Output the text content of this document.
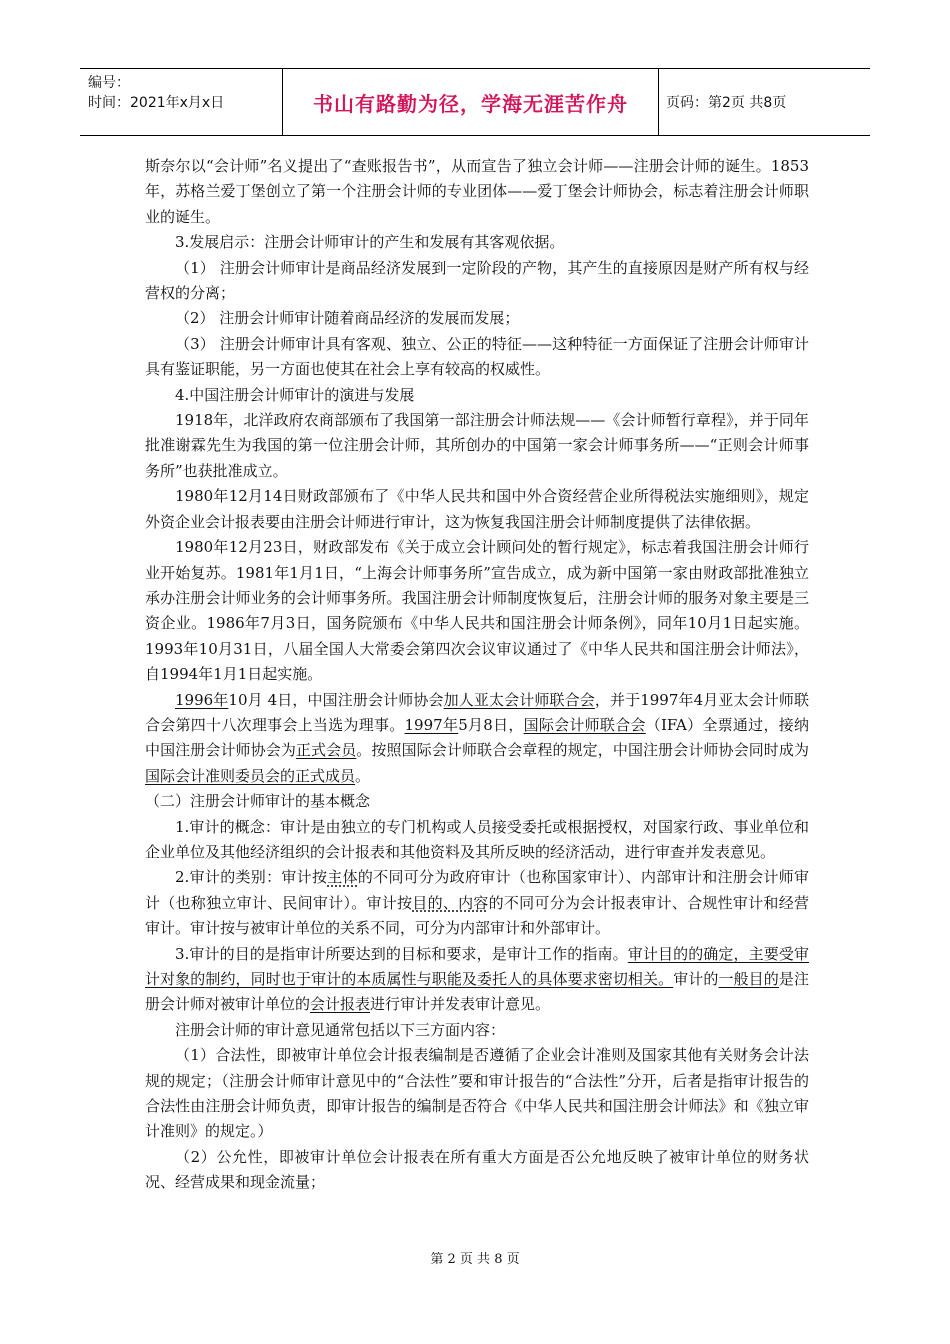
编号：
时间：2021年x月x日	书山有路勤为径，学海无涯苦作舟	页码：第2页 共8页

斯奈尔以“会计师”名义提出了“查账报告书”，从而宣告了独立会计师——注册会计师的诞生。1853年，苏格兰爱丁堡创立了第一个注册会计师的专业团体——爱丁堡会计师协会，标志着注册会计师职业的诞生。

3.发展启示：注册会计师审计的产生和发展有其客观依据。

（1） 注册会计师审计是商品经济发展到一定阶段的产物，其产生的直接原因是财产所有权与经营权的分离；

（2） 注册会计师审计随着商品经济的发展而发展；

（3） 注册会计师审计具有客观、独立、公正的特征——这种特征一方面保证了注册会计师审计具有鉴证职能，另一方面也使其在社会上享有较高的权威性。

4.中国注册会计师审计的演进与发展

1918年，北洋政府农商部颁布了我国第一部注册会计师法规——《会计师暂行章程》，并于同年批准谢霖先生为我国的第一位注册会计师，其所创办的中国第一家会计师事务所——“正则会计师事务所”也获批准成立。

1980年12月14日财政部颁布了《中华人民共和国中外合资经营企业所得税法实施细则》，规定外资企业会计报表要由注册会计师进行审计，这为恢复我国注册会计师制度提供了法律依据。

1980年12月23日，财政部发布《关于成立会计顾问处的暂行规定》，标志着我国注册会计师行业开始复苏。1981年1月1日，“上海会计师事务所”宣告成立，成为新中国第一家由财政部批准独立承办注册会计师业务的会计师事务所。我国注册会计师制度恢复后，注册会计师的服务对象主要是三资企业。1986年7月3日，国务院颁布《中华人民共和国注册会计师条例》，同年10月1日起实施。1993年10月31日，八届全国人大常委会第四次会议审议通过了《中华人民共和国注册会计师法》，自1994年1月1日起实施。

1996年10月 4日，中国注册会计师协会加人亚太会计师联合会，并于1997年4月亚太会计师联合会第四十八次理事会上当选为理事。1997年5月8日，国际会计师联合会（IFA）全票通过，接纳中国注册会计师协会为正式会员。按照国际会计师联合会章程的规定，中国注册会计师协会同时成为国际会计准则委员会的正式成员。

（二）注册会计师审计的基本概念

1.审计的概念：审计是由独立的专门机构或人员接受委托或根据授权，对国家行政、事业单位和企业单位及其他经济组织的会计报表和其他资料及其所反映的经济活动，进行审查并发表意见。

2.审计的类别：审计按主体的不同可分为政府审计（也称国家审计）、内部审计和注册会计师审计（也称独立审计、民间审计）。审计按目的、内容的不同可分为会计报表审计、合规性审计和经营审计。审计按与被审计单位的关系不同，可分为内部审计和外部审计。

3.审计的目的是指审计所要达到的目标和要求，是审计工作的指南。审计目的的确定，主要受审计对象的制约，同时也于审计的本质属性与职能及委托人的具体要求密切相关。审计的一般目的是注册会计师对被审计单位的会计报表进行审计并发表审计意见。

注册会计师的审计意见通常包括以下三方面内容：

（1）合法性，即被审计单位会计报表编制是否遵循了企业会计准则及国家其他有关财务会计法规的规定；（注册会计师审计意见中的“合法性”要和审计报告的“合法性”分开，后者是指审计报告的合法性由注册会计师负责，即审计报告的编制是否符合《中华人民共和国注册会计师法》和《独立审计准则》的规定。）

（2）公允性，即被审计单位会计报表在所有重大方面是否公允地反映了被审计单位的财务状况、经营成果和现金流量；

第 2 页 共 8 页
